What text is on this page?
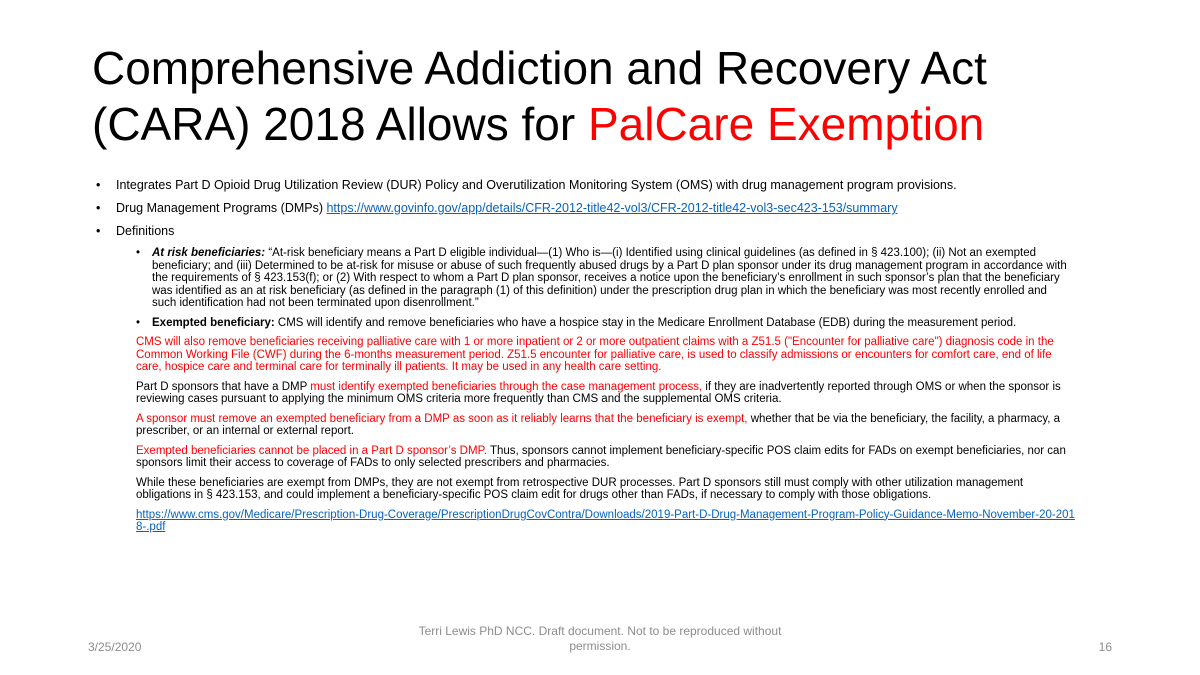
Comprehensive Addiction and Recovery Act (CARA) 2018 Allows for PalCare Exemption
• Integrates Part D Opioid Drug Utilization Review (DUR) Policy and Overutilization Monitoring System (OMS) with drug management program provisions.
• Drug Management Programs (DMPs) https://www.govinfo.gov/app/details/CFR-2012-title42-vol3/CFR-2012-title42-vol3-sec423-153/summary
• Definitions
• At risk beneficiaries: “At-risk beneficiary means a Part D eligible individual—(1) Who is—(i) Identified using clinical guidelines (as defined in § 423.100); (ii) Not an exempted beneficiary; and (iii) Determined to be at-risk for misuse or abuse of such frequently abused drugs by a Part D plan sponsor under its drug management program in accordance with the requirements of § 423.153(f); or (2) With respect to whom a Part D plan sponsor, receives a notice upon the beneficiary’s enrollment in such sponsor’s plan that the beneficiary was identified as an at risk beneficiary (as defined in the paragraph (1) of this definition) under the prescription drug plan in which the beneficiary was most recently enrolled and such identification had not been terminated upon disenrollment.”
• Exempted beneficiary: CMS will identify and remove beneficiaries who have a hospice stay in the Medicare Enrollment Database (EDB) during the measurement period.
CMS will also remove beneficiaries receiving palliative care with 1 or more inpatient or 2 or more outpatient claims with a Z51.5 ("Encounter for palliative care") diagnosis code in the Common Working File (CWF) during the 6-months measurement period. Z51.5 encounter for palliative care, is used to classify admissions or encounters for comfort care, end of life care, hospice care and terminal care for terminally ill patients. It may be used in any health care setting.
Part D sponsors that have a DMP must identify exempted beneficiaries through the case management process, if they are inadvertently reported through OMS or when the sponsor is reviewing cases pursuant to applying the minimum OMS criteria more frequently than CMS and the supplemental OMS criteria.
A sponsor must remove an exempted beneficiary from a DMP as soon as it reliably learns that the beneficiary is exempt, whether that be via the beneficiary, the facility, a pharmacy, a prescriber, or an internal or external report.
Exempted beneficiaries cannot be placed in a Part D sponsor’s DMP. Thus, sponsors cannot implement beneficiary-specific POS claim edits for FADs on exempt beneficiaries, nor can sponsors limit their access to coverage of FADs to only selected prescribers and pharmacies.
While these beneficiaries are exempt from DMPs, they are not exempt from retrospective DUR processes. Part D sponsors still must comply with other utilization management obligations in § 423.153, and could implement a beneficiary-specific POS claim edit for drugs other than FADs, if necessary to comply with those obligations.
https://www.cms.gov/Medicare/Prescription-Drug-Coverage/PrescriptionDrugCovContra/Downloads/2019-Part-D-Drug-Management-Program-Policy-Guidance-Memo-November-20-2018-.pdf
3/25/2020
Terri Lewis PhD NCC. Draft document. Not to be reproduced without permission.	16
